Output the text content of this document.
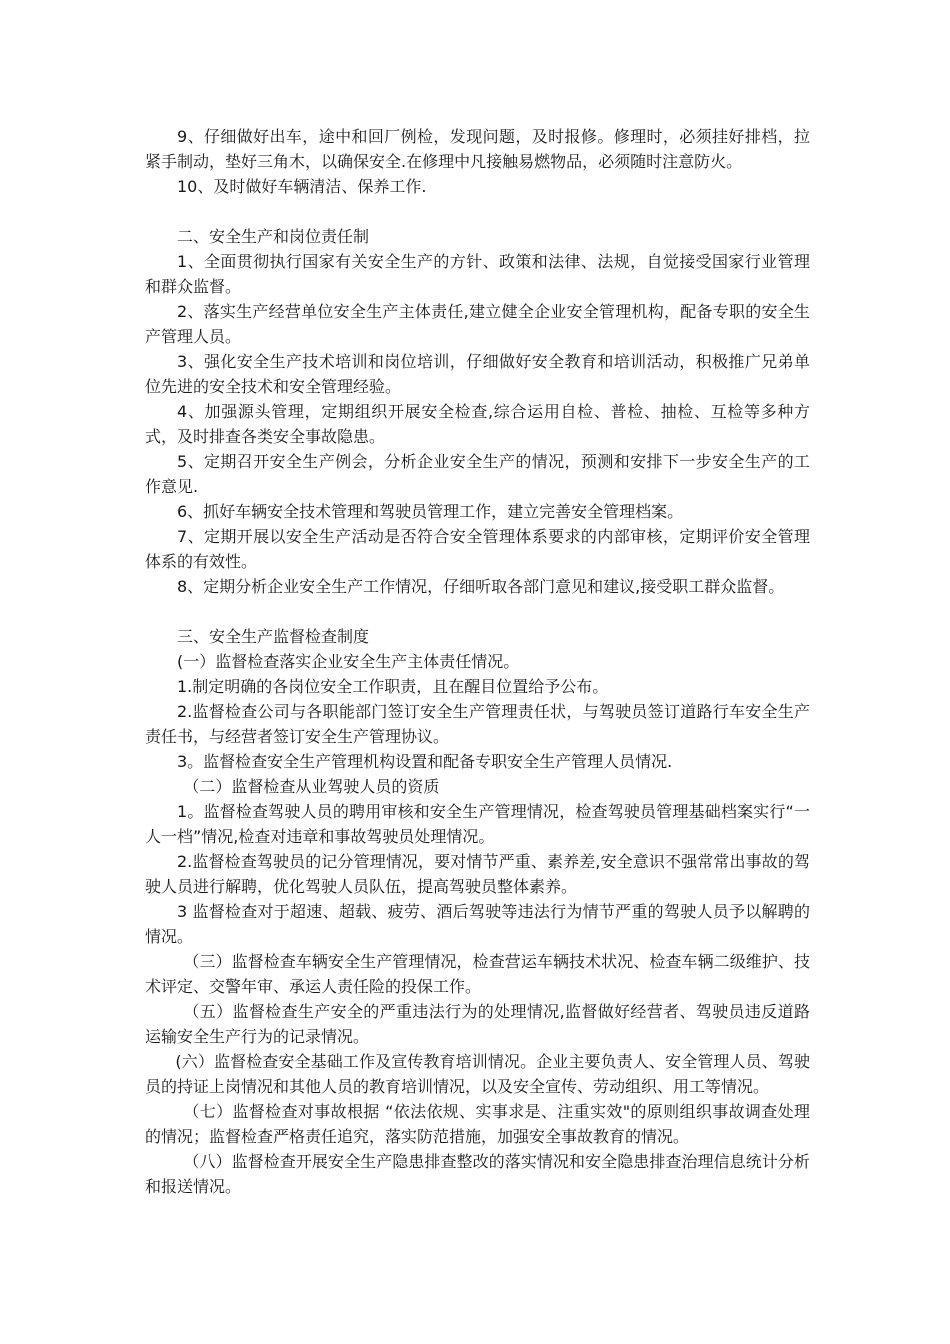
9、仔细做好出车，途中和回厂例检，发现问题，及时报修。修理时，必须挂好排档，拉紧手制动，垫好三角木，以确保安全.在修理中凡接触易燃物品，必须随时注意防火。

10、及时做好车辆清洁、保养工作.

二、安全生产和岗位责任制

1、全面贯彻执行国家有关安全生产的方针、政策和法律、法规，自觉接受国家行业管理和群众监督。

2、落实生产经营单位安全生产主体责任,建立健全企业安全管理机构，配备专职的安全生产管理人员。

3、强化安全生产技术培训和岗位培训，仔细做好安全教育和培训活动，积极推广兄弟单位先进的安全技术和安全管理经验。

4、加强源头管理，定期组织开展安全检查,综合运用自检、普检、抽检、互检等多种方式，及时排查各类安全事故隐患。

5、定期召开安全生产例会，分析企业安全生产的情况，预测和安排下一步安全生产的工作意见.

6、抓好车辆安全技术管理和驾驶员管理工作，建立完善安全管理档案。

7、定期开展以安全生产活动是否符合安全管理体系要求的内部审核，定期评价安全管理体系的有效性。

8、定期分析企业安全生产工作情况，仔细听取各部门意见和建议,接受职工群众监督。

三、安全生产监督检查制度

(一）监督检查落实企业安全生产主体责任情况。

1.制定明确的各岗位安全工作职责，且在醒目位置给予公布。

2.监督检查公司与各职能部门签订安全生产管理责任状，与驾驶员签订道路行车安全生产责任书，与经营者签订安全生产管理协议。

3。监督检查安全生产管理机构设置和配备专职安全生产管理人员情况.

（二）监督检查从业驾驶人员的资质

1。监督检查驾驶人员的聘用审核和安全生产管理情况，检查驾驶员管理基础档案实行“一人一档”情况,检查对违章和事故驾驶员处理情况。

2.监督检查驾驶员的记分管理情况，要对情节严重、素养差,安全意识不强常常出事故的驾驶人员进行解聘，优化驾驶人员队伍，提高驾驶员整体素养。

3 监督检查对于超速、超载、疲劳、酒后驾驶等违法行为情节严重的驾驶人员予以解聘的情况。

（三）监督检查车辆安全生产管理情况，检查营运车辆技术状况、检查车辆二级维护、技术评定、交警年审、承运人责任险的投保工作。

（五）监督检查生产安全的严重违法行为的处理情况,监督做好经营者、驾驶员违反道路运输安全生产行为的记录情况。

(六）监督检查安全基础工作及宣传教育培训情况。企业主要负责人、安全管理人员、驾驶员的持证上岗情况和其他人员的教育培训情况，以及安全宣传、劳动组织、用工等情况。

（七）监督检查对事故根据 “依法依规、实事求是、注重实效"的原则组织事故调查处理的情况；监督检查严格责任追究，落实防范措施，加强安全事故教育的情况。

（八）监督检查开展安全生产隐患排查整改的落实情况和安全隐患排查治理信息统计分析和报送情况。
